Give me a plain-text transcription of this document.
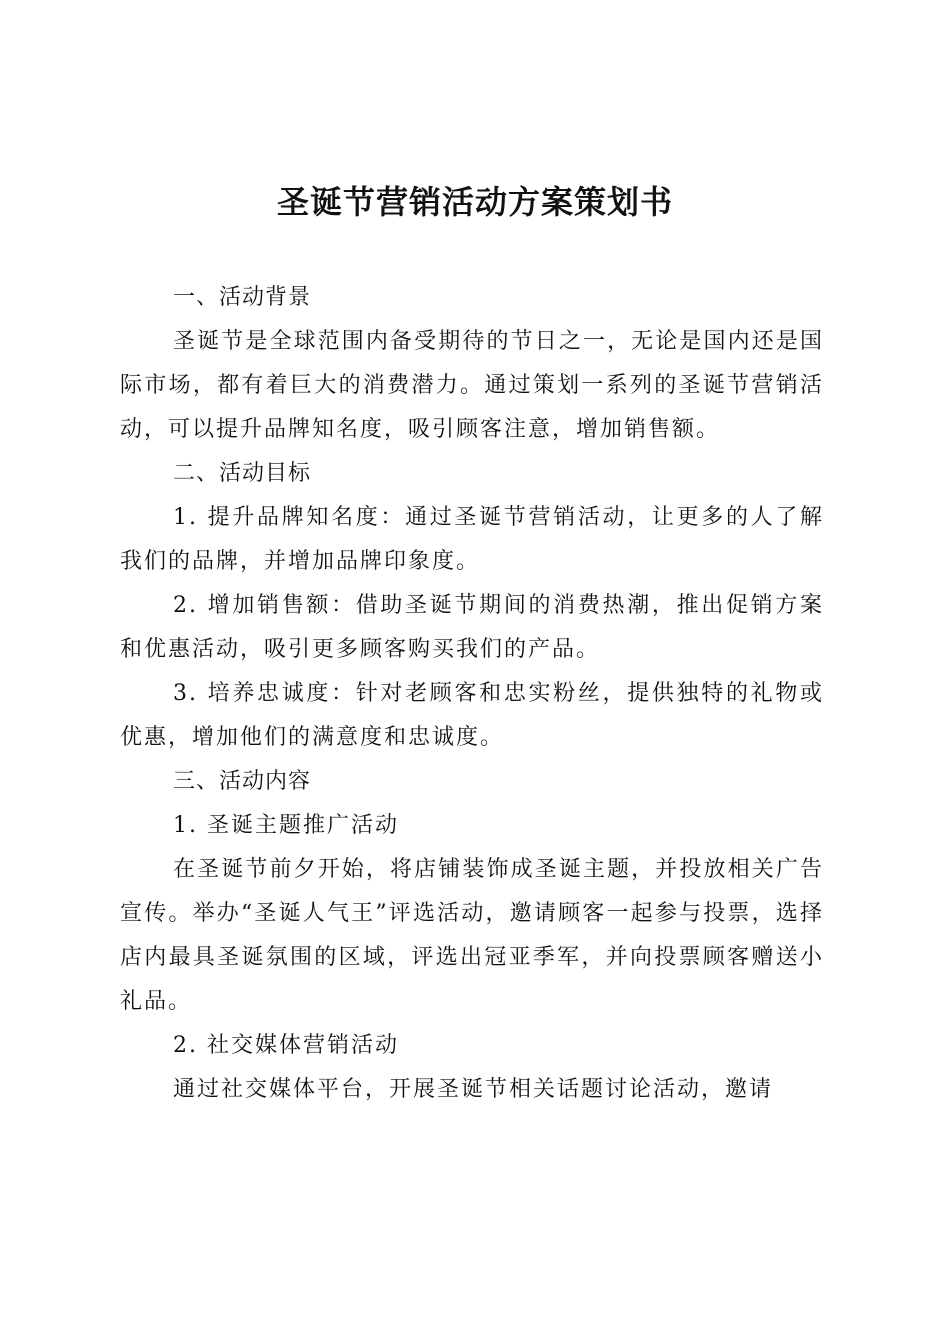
圣诞节营销活动方案策划书
一、活动背景

圣诞节是全球范围内备受期待的节日之一，无论是国内还是国际市场，都有着巨大的消费潜力。通过策划一系列的圣诞节营销活动，可以提升品牌知名度，吸引顾客注意，增加销售额。

二、活动目标

1. 提升品牌知名度：通过圣诞节营销活动，让更多的人了解我们的品牌，并增加品牌印象度。

2. 增加销售额：借助圣诞节期间的消费热潮，推出促销方案和优惠活动，吸引更多顾客购买我们的产品。

3. 培养忠诚度：针对老顾客和忠实粉丝，提供独特的礼物或优惠，增加他们的满意度和忠诚度。

三、活动内容

1. 圣诞主题推广活动

在圣诞节前夕开始，将店铺装饰成圣诞主题，并投放相关广告宣传。举办“圣诞人气王”评选活动，邀请顾客一起参与投票，选择店内最具圣诞氛围的区域，评选出冠亚季军，并向投票顾客赠送小礼品。

2. 社交媒体营销活动

通过社交媒体平台，开展圣诞节相关话题讨论活动，邀请
